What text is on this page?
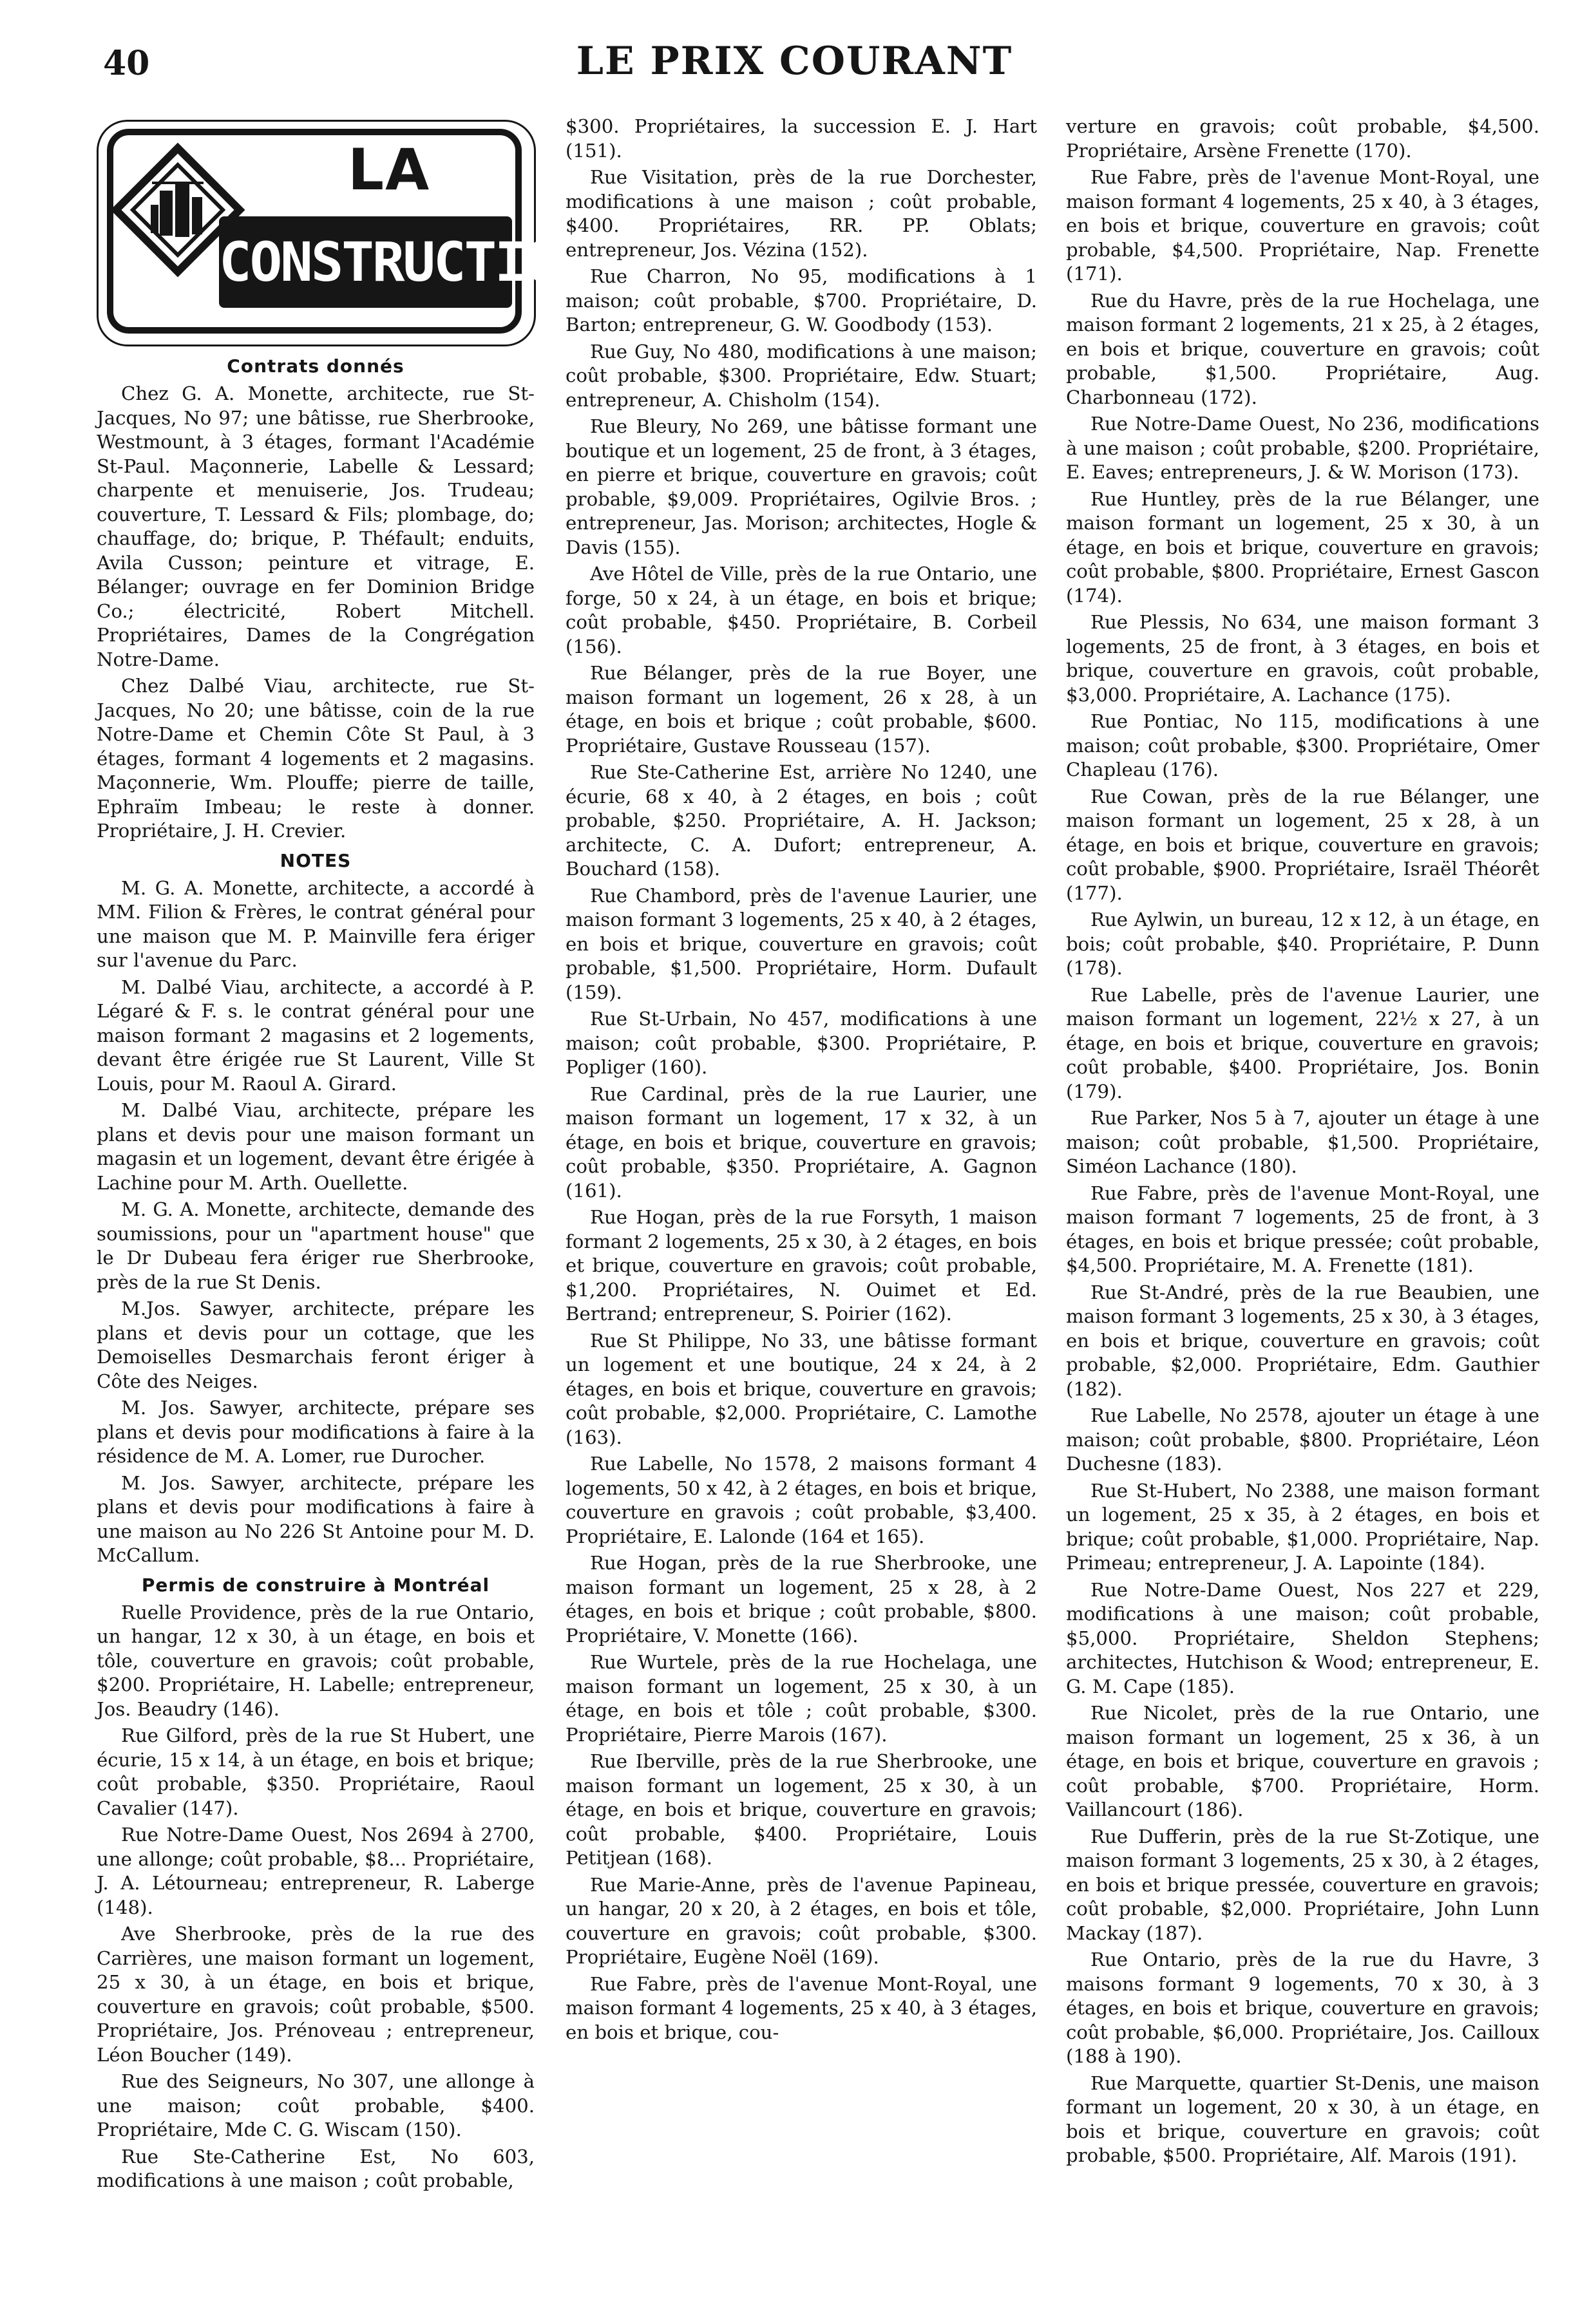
40	LE PRIX COURANT
LA
CONSTRUCTION
Contrats donnés

Chez G. A. Monette, architecte, rue St-Jacques, No 97; une bâtisse, rue Sherbrooke, Westmount, à 3 étages, formant l'Académie St-Paul. Maçonnerie, Labelle & Lessard; charpente et menuiserie, Jos. Trudeau; couverture, T. Lessard & Fils; plombage, do; chauffage, do; brique, P. Théfault; enduits, Avila Cusson; peinture et vitrage, E. Bélanger; ouvrage en fer Dominion Bridge Co.; électricité, Robert Mitchell. Propriétaires, Dames de la Congrégation Notre-Dame.

Chez Dalbé Viau, architecte, rue St-Jacques, No 20; une bâtisse, coin de la rue Notre-Dame et Chemin Côte St Paul, à 3 étages, formant 4 logements et 2 magasins. Maçonnerie, Wm. Plouffe; pierre de taille, Ephraïm Imbeau; le reste à donner. Propriétaire, J. H. Crevier.

NOTES

M. G. A. Monette, architecte, a accordé à MM. Filion & Frères, le contrat général pour une maison que M. P. Mainville fera ériger sur l'avenue du Parc.

M. Dalbé Viau, architecte, a accordé à P. Légaré & F. s. le contrat général pour une maison formant 2 magasins et 2 logements, devant être érigée rue St Laurent, Ville St Louis, pour M. Raoul A. Girard.

M. Dalbé Viau, architecte, prépare les plans et devis pour une maison formant un magasin et un logement, devant être érigée à Lachine pour M. Arth. Ouellette.

M. G. A. Monette, architecte, demande des soumissions, pour un "apartment house" que le Dr Dubeau fera ériger rue Sherbrooke, près de la rue St Denis.

M.Jos. Sawyer, architecte, prépare les plans et devis pour un cottage, que les Demoiselles Desmarchais feront ériger à Côte des Neiges.

M. Jos. Sawyer, architecte, prépare ses plans et devis pour modifications à faire à la résidence de M. A. Lomer, rue Durocher.

M. Jos. Sawyer, architecte, prépare les plans et devis pour modifications à faire à une maison au No 226 St Antoine pour M. D. McCallum.

Permis de construire à Montréal

Ruelle Providence, près de la rue Ontario, un hangar, 12 x 30, à un étage, en bois et tôle, couverture en gravois; coût probable, $200. Propriétaire, H. Labelle; entrepreneur, Jos. Beaudry (146).

Rue Gilford, près de la rue St Hubert, une écurie, 15 x 14, à un étage, en bois et brique; coût probable, $350. Propriétaire, Raoul Cavalier (147).

Rue Notre-Dame Ouest, Nos 2694 à 2700, une allonge; coût probable, $8... Propriétaire, J. A. Létourneau; entrepreneur, R. Laberge (148).

Ave Sherbrooke, près de la rue des Carrières, une maison formant un logement, 25 x 30, à un étage, en bois et brique, couverture en gravois; coût probable, $500. Propriétaire, Jos. Prénoveau ; entrepreneur, Léon Boucher (149).

Rue des Seigneurs, No 307, une allonge à une maison; coût probable, $400. Propriétaire, Mde C. G. Wiscam (150).

Rue Ste-Catherine Est, No 603, modifications à une maison ; coût probable,

$300. Propriétaires, la succession E. J. Hart (151).

Rue Visitation, près de la rue Dorchester, modifications à une maison ; coût probable, $400. Propriétaires, RR. PP. Oblats; entrepreneur, Jos. Vézina (152).

Rue Charron, No 95, modifications à 1 maison; coût probable, $700. Propriétaire, D. Barton; entrepreneur, G. W. Goodbody (153).

Rue Guy, No 480, modifications à une maison; coût probable, $300. Propriétaire, Edw. Stuart; entrepreneur, A. Chisholm (154).

Rue Bleury, No 269, une bâtisse formant une boutique et un logement, 25 de front, à 3 étages, en pierre et brique, couverture en gravois; coût probable, $9,009. Propriétaires, Ogilvie Bros. ; entrepreneur, Jas. Morison; architectes, Hogle & Davis (155).

Ave Hôtel de Ville, près de la rue Ontario, une forge, 50 x 24, à un étage, en bois et brique; coût probable, $450. Propriétaire, B. Corbeil (156).

Rue Bélanger, près de la rue Boyer, une maison formant un logement, 26 x 28, à un étage, en bois et brique ; coût probable, $600. Propriétaire, Gustave Rousseau (157).

Rue Ste-Catherine Est, arrière No 1240, une écurie, 68 x 40, à 2 étages, en bois ; coût probable, $250. Propriétaire, A. H. Jackson; architecte, C. A. Dufort; entrepreneur, A. Bouchard (158).

Rue Chambord, près de l'avenue Laurier, une maison formant 3 logements, 25 x 40, à 2 étages, en bois et brique, couverture en gravois; coût probable, $1,500. Propriétaire, Horm. Dufault (159).

Rue St-Urbain, No 457, modifications à une maison; coût probable, $300. Propriétaire, P. Popliger (160).

Rue Cardinal, près de la rue Laurier, une maison formant un logement, 17 x 32, à un étage, en bois et brique, couverture en gravois; coût probable, $350. Propriétaire, A. Gagnon (161).

Rue Hogan, près de la rue Forsyth, 1 maison formant 2 logements, 25 x 30, à 2 étages, en bois et brique, couverture en gravois; coût probable, $1,200. Propriétaires, N. Ouimet et Ed. Bertrand; entrepreneur, S. Poirier (162).

Rue St Philippe, No 33, une bâtisse formant un logement et une boutique, 24 x 24, à 2 étages, en bois et brique, couverture en gravois; coût probable, $2,000. Propriétaire, C. Lamothe (163).

Rue Labelle, No 1578, 2 maisons formant 4 logements, 50 x 42, à 2 étages, en bois et brique, couverture en gravois ; coût probable, $3,400. Propriétaire, E. Lalonde (164 et 165).

Rue Hogan, près de la rue Sherbrooke, une maison formant un logement, 25 x 28, à 2 étages, en bois et brique ; coût probable, $800. Propriétaire, V. Monette (166).

Rue Wurtele, près de la rue Hochelaga, une maison formant un logement, 25 x 30, à un étage, en bois et tôle ; coût probable, $300. Propriétaire, Pierre Marois (167).

Rue Iberville, près de la rue Sherbrooke, une maison formant un logement, 25 x 30, à un étage, en bois et brique, couverture en gravois; coût probable, $400. Propriétaire, Louis Petitjean (168).

Rue Marie-Anne, près de l'avenue Papineau, un hangar, 20 x 20, à 2 étages, en bois et tôle, couverture en gravois; coût probable, $300. Propriétaire, Eugène Noël (169).

Rue Fabre, près de l'avenue Mont-Royal, une maison formant 4 logements, 25 x 40, à 3 étages, en bois et brique, cou-

verture en gravois; coût probable, $4,500. Propriétaire, Arsène Frenette (170).

Rue Fabre, près de l'avenue Mont-Royal, une maison formant 4 logements, 25 x 40, à 3 étages, en bois et brique, couverture en gravois; coût probable, $4,500. Propriétaire, Nap. Frenette (171).

Rue du Havre, près de la rue Hochelaga, une maison formant 2 logements, 21 x 25, à 2 étages, en bois et brique, couverture en gravois; coût probable, $1,500. Propriétaire, Aug. Charbonneau (172).

Rue Notre-Dame Ouest, No 236, modifications à une maison ; coût probable, $200. Propriétaire, E. Eaves; entrepreneurs, J. & W. Morison (173).

Rue Huntley, près de la rue Bélanger, une maison formant un logement, 25 x 30, à un étage, en bois et brique, couverture en gravois; coût probable, $800. Propriétaire, Ernest Gascon (174).

Rue Plessis, No 634, une maison formant 3 logements, 25 de front, à 3 étages, en bois et brique, couverture en gravois, coût probable, $3,000. Propriétaire, A. Lachance (175).

Rue Pontiac, No 115, modifications à une maison; coût probable, $300. Propriétaire, Omer Chapleau (176).

Rue Cowan, près de la rue Bélanger, une maison formant un logement, 25 x 28, à un étage, en bois et brique, couverture en gravois; coût probable, $900. Propriétaire, Israël Théorêt (177).

Rue Aylwin, un bureau, 12 x 12, à un étage, en bois; coût probable, $40. Propriétaire, P. Dunn (178).

Rue Labelle, près de l'avenue Laurier, une maison formant un logement, 22½ x 27, à un étage, en bois et brique, couverture en gravois; coût probable, $400. Propriétaire, Jos. Bonin (179).

Rue Parker, Nos 5 à 7, ajouter un étage à une maison; coût probable, $1,500. Propriétaire, Siméon Lachance (180).

Rue Fabre, près de l'avenue Mont-Royal, une maison formant 7 logements, 25 de front, à 3 étages, en bois et brique pressée; coût probable, $4,500. Propriétaire, M. A. Frenette (181).

Rue St-André, près de la rue Beaubien, une maison formant 3 logements, 25 x 30, à 3 étages, en bois et brique, couverture en gravois; coût probable, $2,000. Propriétaire, Edm. Gauthier (182).

Rue Labelle, No 2578, ajouter un étage à une maison; coût probable, $800. Propriétaire, Léon Duchesne (183).

Rue St-Hubert, No 2388, une maison formant un logement, 25 x 35, à 2 étages, en bois et brique; coût probable, $1,000. Propriétaire, Nap. Primeau; entrepreneur, J. A. Lapointe (184).

Rue Notre-Dame Ouest, Nos 227 et 229, modifications à une maison; coût probable, $5,000. Propriétaire, Sheldon Stephens; architectes, Hutchison & Wood; entrepreneur, E. G. M. Cape (185).

Rue Nicolet, près de la rue Ontario, une maison formant un logement, 25 x 36, à un étage, en bois et brique, couverture en gravois ; coût probable, $700. Propriétaire, Horm. Vaillancourt (186).

Rue Dufferin, près de la rue St-Zotique, une maison formant 3 logements, 25 x 30, à 2 étages, en bois et brique pressée, couverture en gravois; coût probable, $2,000. Propriétaire, John Lunn Mackay (187).

Rue Ontario, près de la rue du Havre, 3 maisons formant 9 logements, 70 x 30, à 3 étages, en bois et brique, couverture en gravois; coût probable, $6,000. Propriétaire, Jos. Cailloux (188 à 190).

Rue Marquette, quartier St-Denis, une maison formant un logement, 20 x 30, à un étage, en bois et brique, couverture en gravois; coût probable, $500. Propriétaire, Alf. Marois (191).
